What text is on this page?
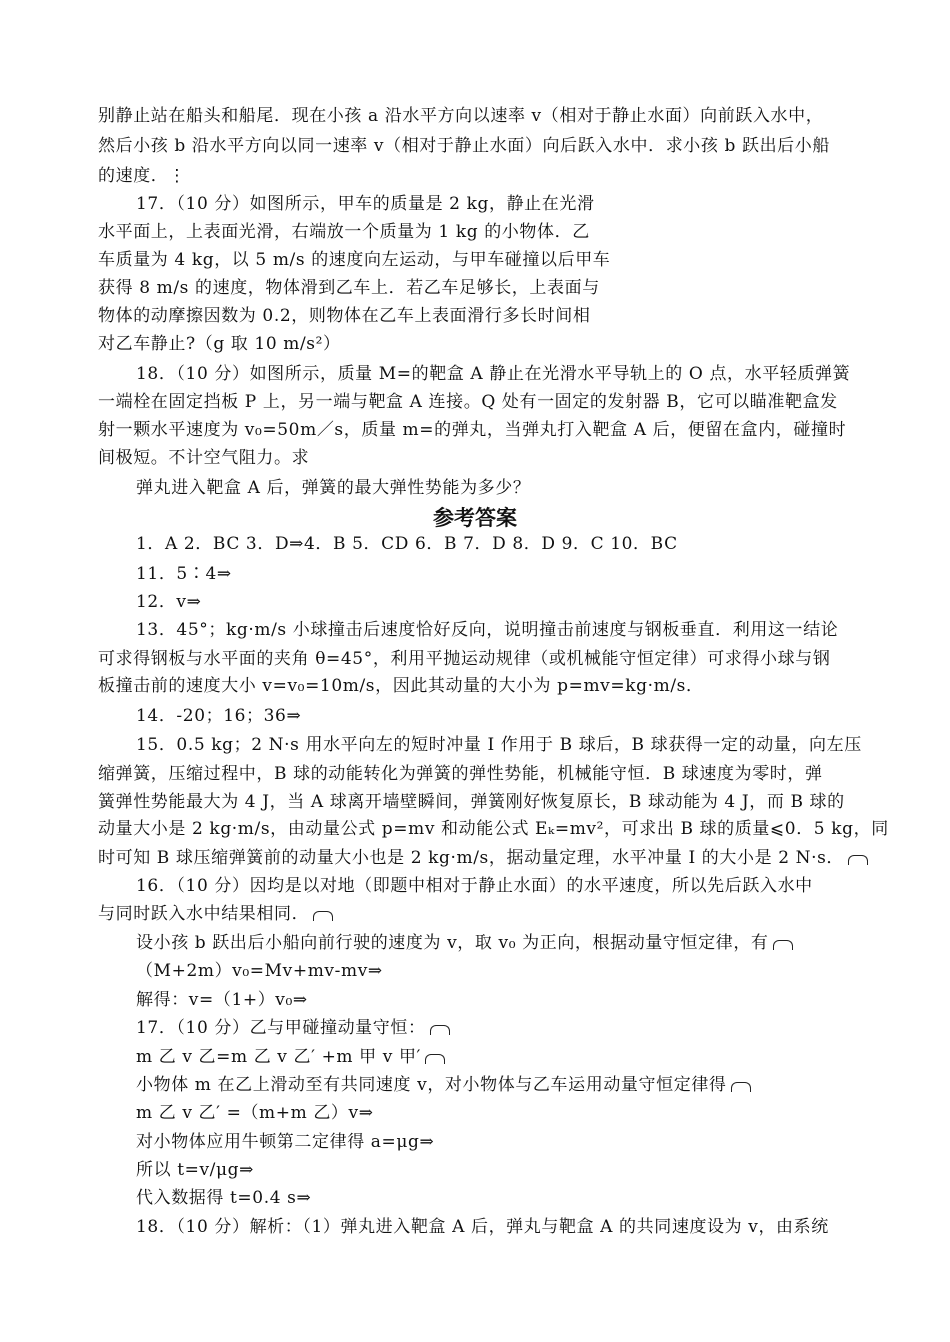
别静止站在船头和船尾．现在小孩 a 沿水平方向以速率 v（相对于静止水面）向前跃入水中，
然后小孩 b 沿水平方向以同一速率 v（相对于静止水面）向后跃入水中．求小孩 b 跃出后小船
的速度．⋮
17．（10 分）如图所示，甲车的质量是 2 kg，静止在光滑
水平面上，上表面光滑，右端放一个质量为 1 kg 的小物体．乙
车质量为 4 kg，以 5 m/s 的速度向左运动，与甲车碰撞以后甲车
获得 8 m/s 的速度，物体滑到乙车上．若乙车足够长，上表面与
物体的动摩擦因数为 0.2，则物体在乙车上表面滑行多长时间相
对乙车静止?（g 取 10 m/s²）
18．（10 分）如图所示，质量 M=的靶盒 A 静止在光滑水平导轨上的 O 点，水平轻质弹簧
一端栓在固定挡板 P 上，另一端与靶盒 A 连接。Q 处有一固定的发射器 B，它可以瞄准靶盒发
射一颗水平速度为 v₀=50m／s，质量 m=的弹丸，当弹丸打入靶盒 A 后，便留在盒内，碰撞时
间极短。不计空气阻力。求
弹丸进入靶盒 A 后，弹簧的最大弹性势能为多少？
参考答案
1．A 2．BC 3．D⇒4．B 5．CD 6．B 7．D 8．D 9．C 10．BC
11．5∶4⇒
12．v⇒
13．45°；kg·m/s 小球撞击后速度恰好反向，说明撞击前速度与钢板垂直．利用这一结论
可求得钢板与水平面的夹角 θ=45°，利用平抛运动规律（或机械能守恒定律）可求得小球与钢
板撞击前的速度大小 v=v₀=10m/s，因此其动量的大小为 p=mv=kg·m/s．
14．-20；16；36⇒
15．0.5 kg；2 N·s 用水平向左的短时冲量 I 作用于 B 球后，B 球获得一定的动量，向左压
缩弹簧，压缩过程中，B 球的动能转化为弹簧的弹性势能，机械能守恒．B 球速度为零时，弹
簧弹性势能最大为 4 J，当 A 球离开墙壁瞬间，弹簧刚好恢复原长，B 球动能为 4 J，而 B 球的
动量大小是 2 kg·m/s，由动量公式 p=mv 和动能公式 Eₖ=mv²，可求出 B 球的质量⩽0．5 kg，同
时可知 B 球压缩弹簧前的动量大小也是 2 kg·m/s，据动量定理，水平冲量 I 的大小是 2 N·s．
16．（10 分）因均是以对地（即题中相对于静止水面）的水平速度，所以先后跃入水中
与同时跃入水中结果相同．
设小孩 b 跃出后小船向前行驶的速度为 v，取 v₀ 为正向，根据动量守恒定律，有
（M+2m）v₀=Mv+mv-mv⇒
解得：v=（1+）v₀⇒
17．（10 分）乙与甲碰撞动量守恒：
m 乙 v 乙=m 乙 v 乙′ +m 甲 v 甲′
小物体 m 在乙上滑动至有共同速度 v，对小物体与乙车运用动量守恒定律得
m 乙 v 乙′ =（m+m 乙）v⇒
对小物体应用牛顿第二定律得 a=μg⇒
所以 t=v/μg⇒
代入数据得 t=0.4 s⇒
18．（10 分）解析：（1）弹丸进入靶盒 A 后，弹丸与靶盒 A 的共同速度设为 v，由系统
